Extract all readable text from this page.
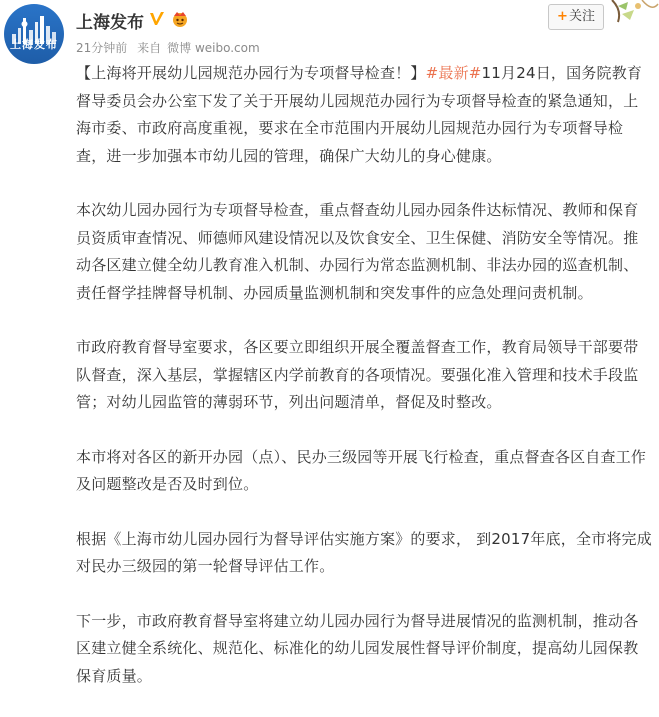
上海发布
上海发布
21分钟前 来自 微博 weibo.com
+关注

【上海将开展幼儿园规范办园行为专项督导检查！】#最新#11月24日，国务院教育督导委员会办公室下发了关于开展幼儿园规范办园行为专项督导检查的紧急通知，上海市委、市政府高度重视，要求在全市范围内开展幼儿园规范办园行为专项督导检查，进一步加强本市幼儿园的管理，确保广大幼儿的身心健康。

本次幼儿园办园行为专项督导检查，重点督查幼儿园办园条件达标情况、教师和保育员资质审查情况、师德师风建设情况以及饮食安全、卫生保健、消防安全等情况。推动各区建立健全幼儿教育准入机制、办园行为常态监测机制、非法办园的巡查机制、责任督学挂牌督导机制、办园质量监测机制和突发事件的应急处理问责机制。

市政府教育督导室要求，各区要立即组织开展全覆盖督查工作，教育局领导干部要带队督查，深入基层，掌握辖区内学前教育的各项情况。要强化准入管理和技术手段监管；对幼儿园监管的薄弱环节，列出问题清单，督促及时整改。

本市将对各区的新开办园（点）、民办三级园等开展飞行检查，重点督查各区自查工作及问题整改是否及时到位。

根据《上海市幼儿园办园行为督导评估实施方案》的要求， 到2017年底，全市将完成对民办三级园的第一轮督导评估工作。

下一步，市政府教育督导室将建立幼儿园办园行为督导进展情况的监测机制，推动各区建立健全系统化、规范化、标准化的幼儿园发展性督导评价制度，提高幼儿园保教保育质量。
